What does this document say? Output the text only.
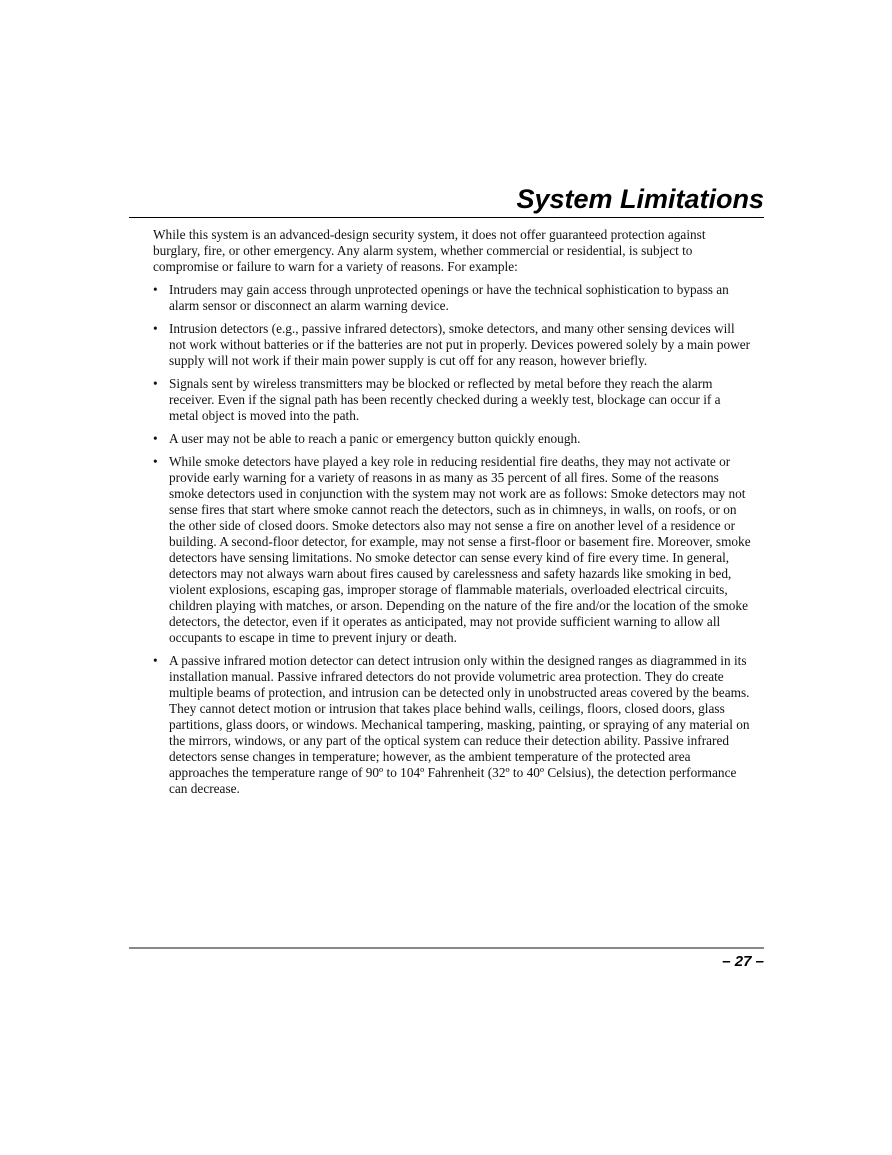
System Limitations

While this system is an advanced-design security system, it does not offer guaranteed protection against burglary, fire, or other emergency. Any alarm system, whether commercial or residential, is subject to compromise or failure to warn for a variety of reasons. For example:

• Intruders may gain access through unprotected openings or have the technical sophistication to bypass an alarm sensor or disconnect an alarm warning device.
• Intrusion detectors (e.g., passive infrared detectors), smoke detectors, and many other sensing devices will not work without batteries or if the batteries are not put in properly. Devices powered solely by a main power supply will not work if their main power supply is cut off for any reason, however briefly.
• Signals sent by wireless transmitters may be blocked or reflected by metal before they reach the alarm receiver. Even if the signal path has been recently checked during a weekly test, blockage can occur if a metal object is moved into the path.
• A user may not be able to reach a panic or emergency button quickly enough.
• While smoke detectors have played a key role in reducing residential fire deaths, they may not activate or provide early warning for a variety of reasons in as many as 35 percent of all fires. Some of the reasons smoke detectors used in conjunction with the system may not work are as follows: Smoke detectors may not sense fires that start where smoke cannot reach the detectors, such as in chimneys, in walls, on roofs, or on the other side of closed doors. Smoke detectors also may not sense a fire on another level of a residence or building. A second-floor detector, for example, may not sense a first-floor or basement fire. Moreover, smoke detectors have sensing limitations. No smoke detector can sense every kind of fire every time. In general, detectors may not always warn about fires caused by carelessness and safety hazards like smoking in bed, violent explosions, escaping gas, improper storage of flammable materials, overloaded electrical circuits, children playing with matches, or arson. Depending on the nature of the fire and/or the location of the smoke detectors, the detector, even if it operates as anticipated, may not provide sufficient warning to allow all occupants to escape in time to prevent injury or death.
• A passive infrared motion detector can detect intrusion only within the designed ranges as diagrammed in its installation manual. Passive infrared detectors do not provide volumetric area protection. They do create multiple beams of protection, and intrusion can be detected only in unobstructed areas covered by the beams. They cannot detect motion or intrusion that takes place behind walls, ceilings, floors, closed doors, glass partitions, glass doors, or windows. Mechanical tampering, masking, painting, or spraying of any material on the mirrors, windows, or any part of the optical system can reduce their detection ability. Passive infrared detectors sense changes in temperature; however, as the ambient temperature of the protected area approaches the temperature range of 90º to 104º Fahrenheit (32º to 40º Celsius), the detection performance can decrease.
– 27 –
